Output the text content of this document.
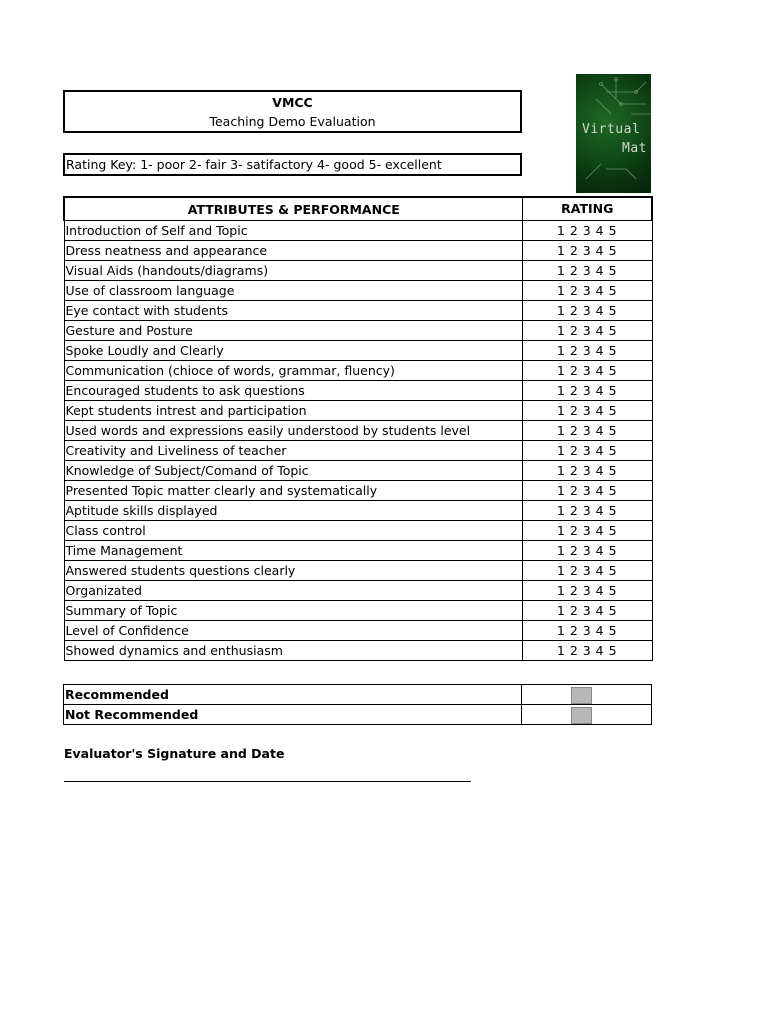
VMCC
Teaching Demo Evaluation
Rating Key: 1- poor 2- fair 3- satifactory 4- good 5- excellent
Virtual
Mat
ATTRIBUTES & PERFORMANCE	RATING
Introduction of Self and Topic	1 2 3 4 5
Dress neatness and appearance	1 2 3 4 5
Visual Aids (handouts/diagrams)	1 2 3 4 5
Use of classroom language	1 2 3 4 5
Eye contact with students	1 2 3 4 5
Gesture and Posture	1 2 3 4 5
Spoke Loudly and Clearly	1 2 3 4 5
Communication (chioce of words, grammar, fluency)	1 2 3 4 5
Encouraged students to ask questions	1 2 3 4 5
Kept students intrest and participation	1 2 3 4 5
Used words and expressions easily understood by students level	1 2 3 4 5
Creativity and Liveliness of teacher	1 2 3 4 5
Knowledge of Subject/Comand of Topic	1 2 3 4 5
Presented Topic matter clearly and systematically	1 2 3 4 5
Aptitude skills displayed	1 2 3 4 5
Class control	1 2 3 4 5
Time Management	1 2 3 4 5
Answered students questions clearly	1 2 3 4 5
Organizated	1 2 3 4 5
Summary of Topic	1 2 3 4 5
Level of Confidence	1 2 3 4 5
Showed dynamics and enthusiasm	1 2 3 4 5
Recommended	
Not Recommended	
Evaluator's Signature and Date
